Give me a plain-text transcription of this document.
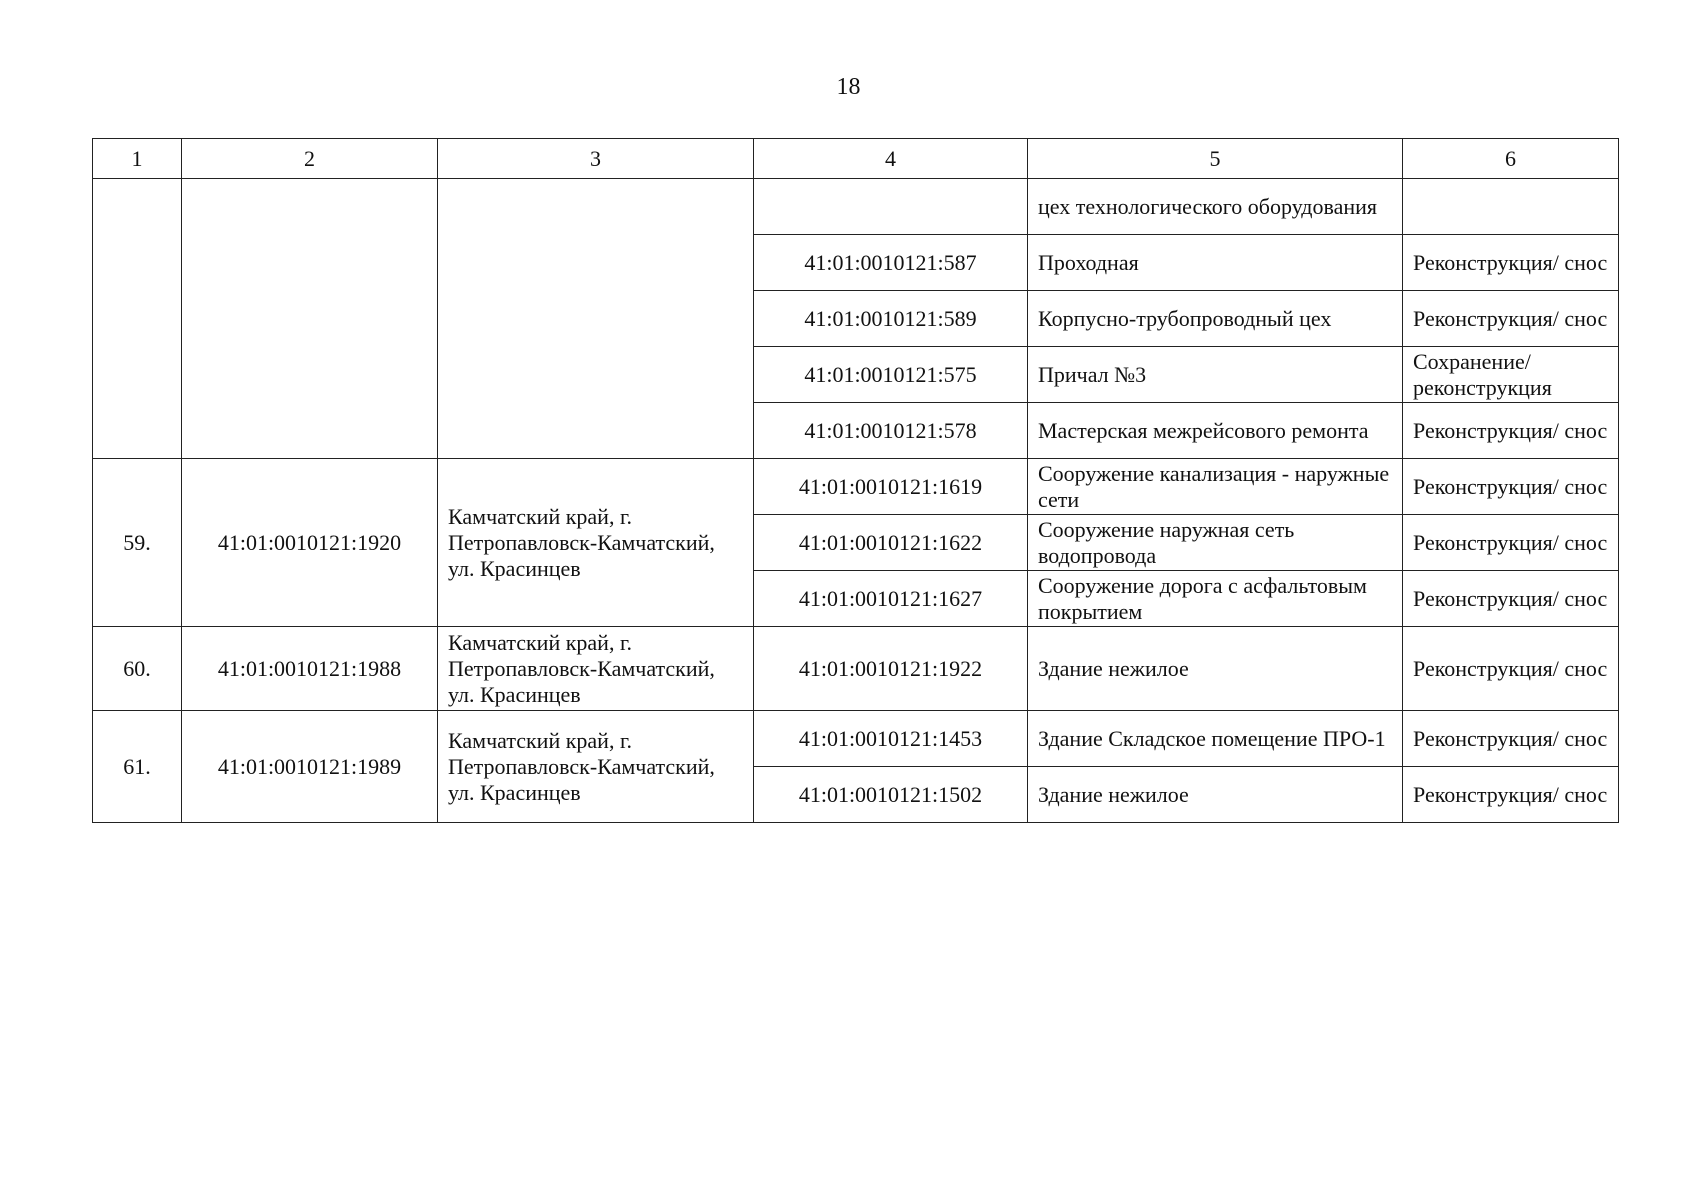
18
1	2	3	4	5	6
				цех технологического оборудования	
			41:01:0010121:587	Проходная	Реконструкция/ снос
			41:01:0010121:589	Корпусно-трубопроводный цех	Реконструкция/ снос
			41:01:0010121:575	Причал №3	Сохранение/ реконструкция
			41:01:0010121:578	Мастерская межрейсового ремонта	Реконструкция/ снос
59.	41:01:0010121:1920	Камчатский край, г. Петропавловск-Камчатский, ул. Красинцев	41:01:0010121:1619	Сооружение канализация - наружные сети	Реконструкция/ снос
			41:01:0010121:1622	Сооружение наружная сеть водопровода	Реконструкция/ снос
			41:01:0010121:1627	Сооружение дорога с асфальтовым покрытием	Реконструкция/ снос
60.	41:01:0010121:1988	Камчатский край, г. Петропавловск-Камчатский, ул. Красинцев	41:01:0010121:1922	Здание нежилое	Реконструкция/ снос
61.	41:01:0010121:1989	Камчатский край, г. Петропавловск-Камчатский, ул. Красинцев	41:01:0010121:1453	Здание Складское помещение ПРО-1	Реконструкция/ снос
			41:01:0010121:1502	Здание нежилое	Реконструкция/ снос
